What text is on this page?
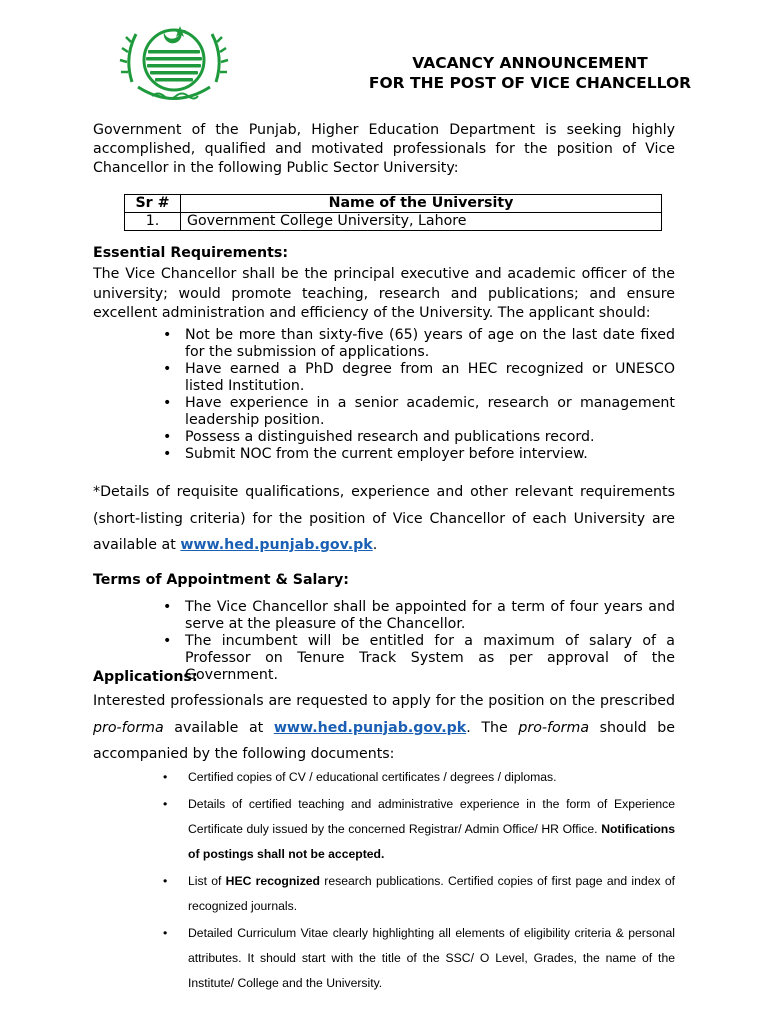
VACANCY ANNOUNCEMENT
FOR THE POST OF VICE CHANCELLOR

Government of the Punjab, Higher Education Department is seeking highly accomplished, qualified and motivated professionals for the position of Vice Chancellor in the following Public Sector University:

Sr #	Name of the University
1.	Government College University, Lahore
Essential Requirements:

The Vice Chancellor shall be the principal executive and academic officer of the university; would promote teaching, research and publications; and ensure excellent administration and efficiency of the University. The applicant should:

• Not be more than sixty-five (65) years of age on the last date fixed for the submission of applications.
• Have earned a PhD degree from an HEC recognized or UNESCO listed Institution.
• Have experience in a senior academic, research or management leadership position.
• Possess a distinguished research and publications record.
• Submit NOC from the current employer before interview.

*Details of requisite qualifications, experience and other relevant requirements (short-listing criteria) for the position of Vice Chancellor of each University are available at www.hed.punjab.gov.pk.

Terms of Appointment & Salary:
• The Vice Chancellor shall be appointed for a term of four years and serve at the pleasure of the Chancellor.
• The incumbent will be entitled for a maximum of salary of a Professor on Tenure Track System as per approval of the Government.
Applications:

Interested professionals are requested to apply for the position on the prescribed pro-forma available at www.hed.punjab.gov.pk. The pro-forma should be accompanied by the following documents:

• Certified copies of CV / educational certificates / degrees / diplomas.
• Details of certified teaching and administrative experience in the form of Experience Certificate duly issued by the concerned Registrar/ Admin Office/ HR Office. Notifications of postings shall not be accepted.
• List of HEC recognized research publications. Certified copies of first page and index of recognized journals.
• Detailed Curriculum Vitae clearly highlighting all elements of eligibility criteria & personal attributes. It should start with the title of the SSC/ O Level, Grades, the name of the Institute/ College and the University.
